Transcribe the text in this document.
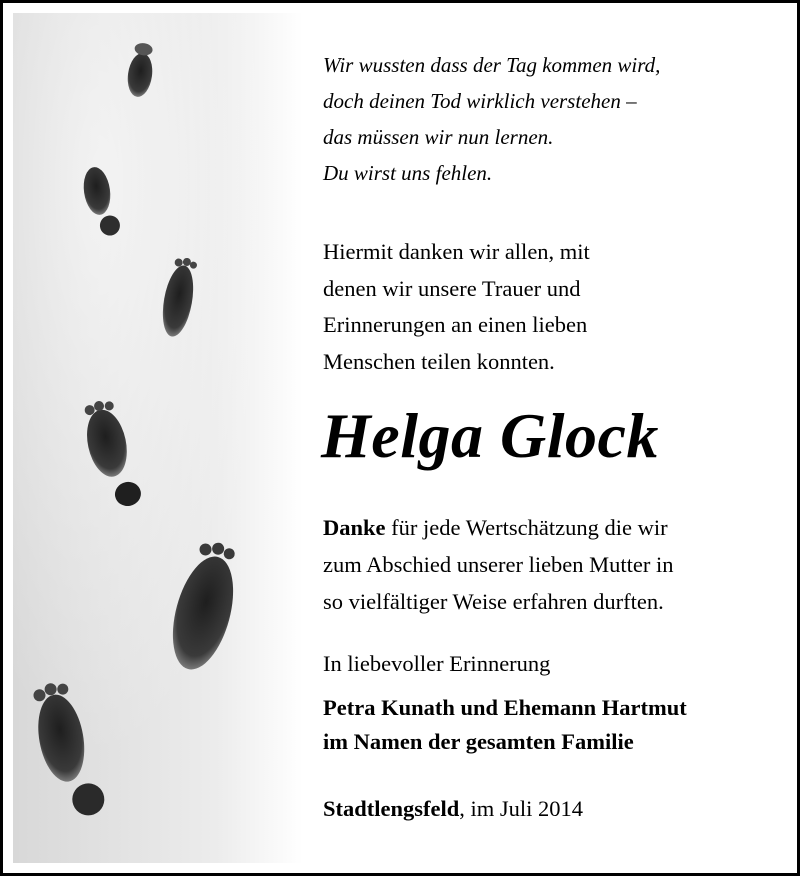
Wir wussten dass der Tag kommen wird,
doch deinen Tod wirklich verstehen –
das müssen wir nun lernen.
Du wirst uns fehlen.
Hiermit danken wir allen, mit
denen wir unsere Trauer und
Erinnerungen an einen lieben
Menschen teilen konnten.
Helga Glock
Danke für jede Wertschätzung die wir
zum Abschied unserer lieben Mutter in
so vielfältiger Weise erfahren durften.
In liebevoller Erinnerung
Petra Kunath und Ehemann Hartmut
im Namen der gesamten Familie
Stadtlengsfeld, im Juli 2014
